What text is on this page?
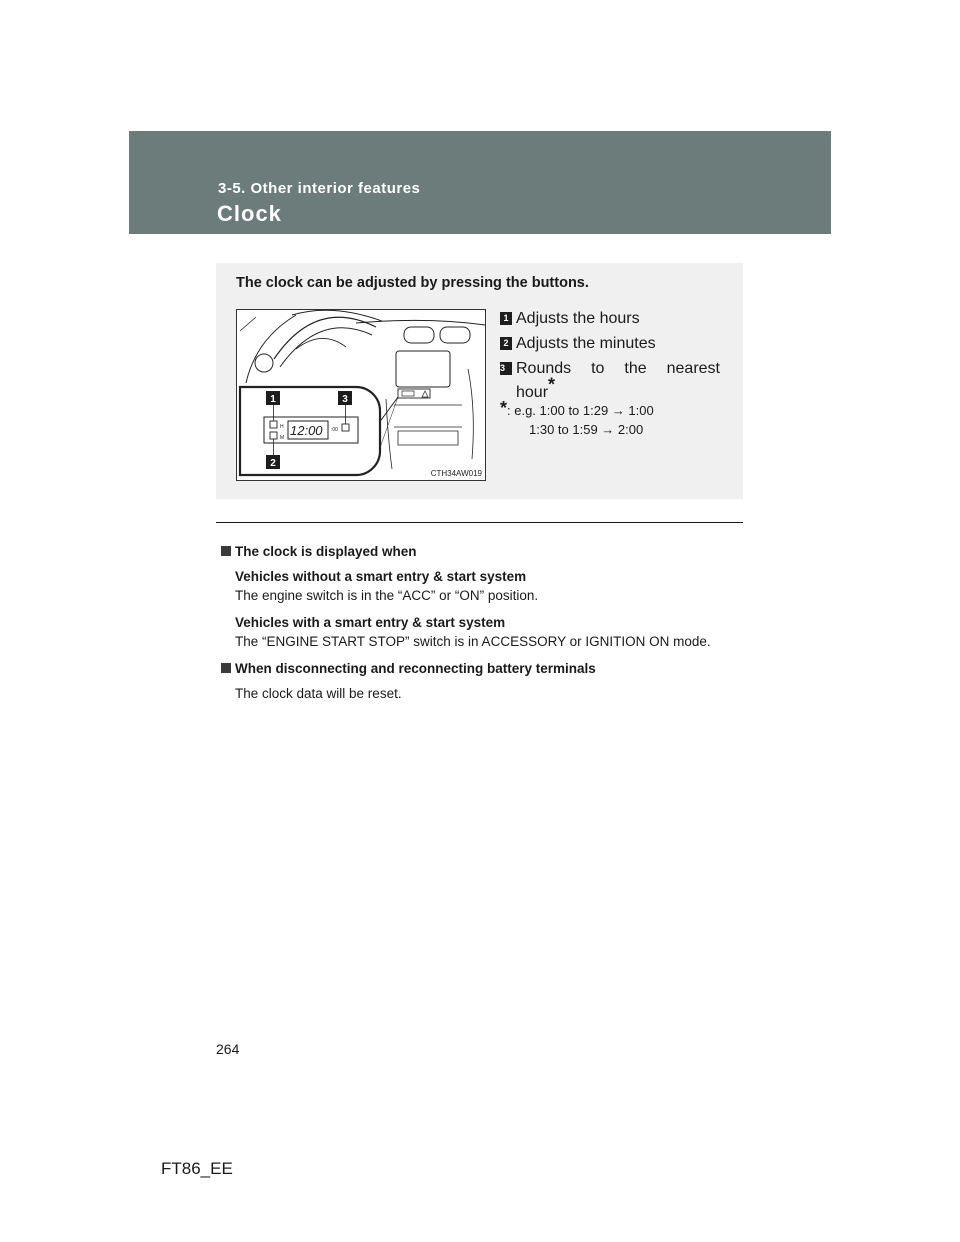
3-5. Other interior features
Clock
The clock can be adjusted by pressing the buttons.
H
M 12:00 :00
1
2
3
CTH34AW019
1 Adjusts the hours
2 Adjusts the minutes
3 Rounds to the nearest
hour*
*: e.g. 1:00 to 1:29 → 1:00
1:30 to 1:59 → 2:00
The clock is displayed when
Vehicles without a smart entry & start system
The engine switch is in the “ACC” or “ON” position.
Vehicles with a smart entry & start system
The “ENGINE START STOP” switch is in ACCESSORY or IGNITION ON mode.
When disconnecting and reconnecting battery terminals
The clock data will be reset.
264
FT86_EE
